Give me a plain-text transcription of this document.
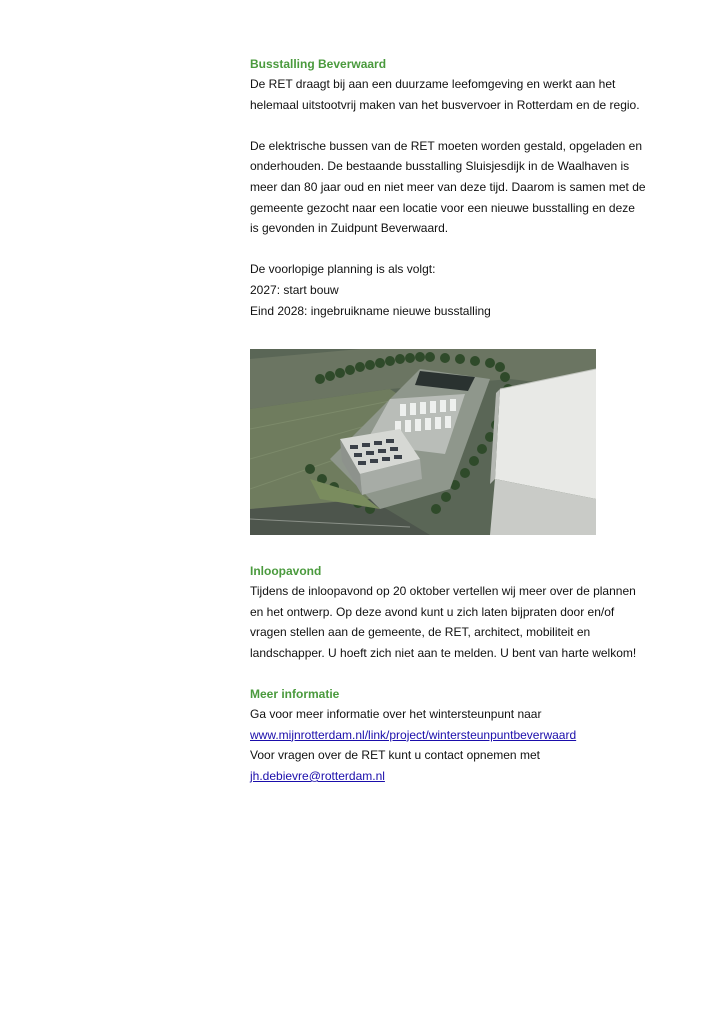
Busstalling Beverwaard

De RET draagt bij aan een duurzame leefomgeving en werkt aan het
helemaal uitstootvrij maken van het busvervoer in Rotterdam en de regio.

De elektrische bussen van de RET moeten worden gestald, opgeladen en
onderhouden. De bestaande busstalling Sluisjesdijk in de Waalhaven is
meer dan 80 jaar oud en niet meer van deze tijd. Daarom is samen met de
gemeente gezocht naar een locatie voor een nieuwe busstalling en deze
is gevonden in Zuidpunt Beverwaard.

De voorlopige planning is als volgt:
2027: start bouw
Eind 2028: ingebruikname nieuwe busstalling

Inloopavond

Tijdens de inloopavond op 20 oktober vertellen wij meer over de plannen
en het ontwerp. Op deze avond kunt u zich laten bijpraten door en/of
vragen stellen aan de gemeente, de RET, architect, mobiliteit en
landschapper. U hoeft zich niet aan te melden. U bent van harte welkom!

Meer informatie

Ga voor meer informatie over het wintersteunpunt naar
www.mijnrotterdam.nl/link/project/wintersteunpuntbeverwaard
Voor vragen over de RET kunt u contact opnemen met
jh.debievre@rotterdam.nl
